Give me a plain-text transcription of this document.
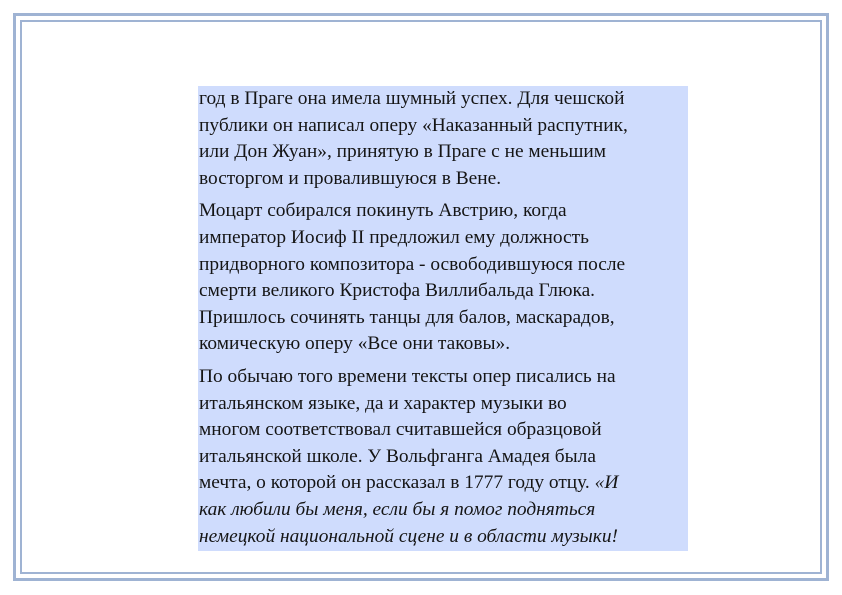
год в Праге она имела шумный успех. Для чешской
публики он написал оперу «Наказанный распутник,
или Дон Жуан», принятую в Праге с не меньшим
восторгом и провалившуюся в Вене.

Моцарт собирался покинуть Австрию, когда
император Иосиф II предложил ему должность
придворного композитора - освободившуюся после
смерти великого Кристофа Виллибальда Глюка.
Пришлось сочинять танцы для балов, маскарадов,
комическую оперу «Все они таковы».

По обычаю того времени тексты опер писались на
итальянском языке, да и характер музыки во
многом соответствовал считавшейся образцовой
итальянской школе. У Вольфганга Амадея была
мечта, о которой он рассказал в 1777 году отцу. «И
как любили бы меня, если бы я помог подняться
немецкой национальной сцене и в области музыки!
